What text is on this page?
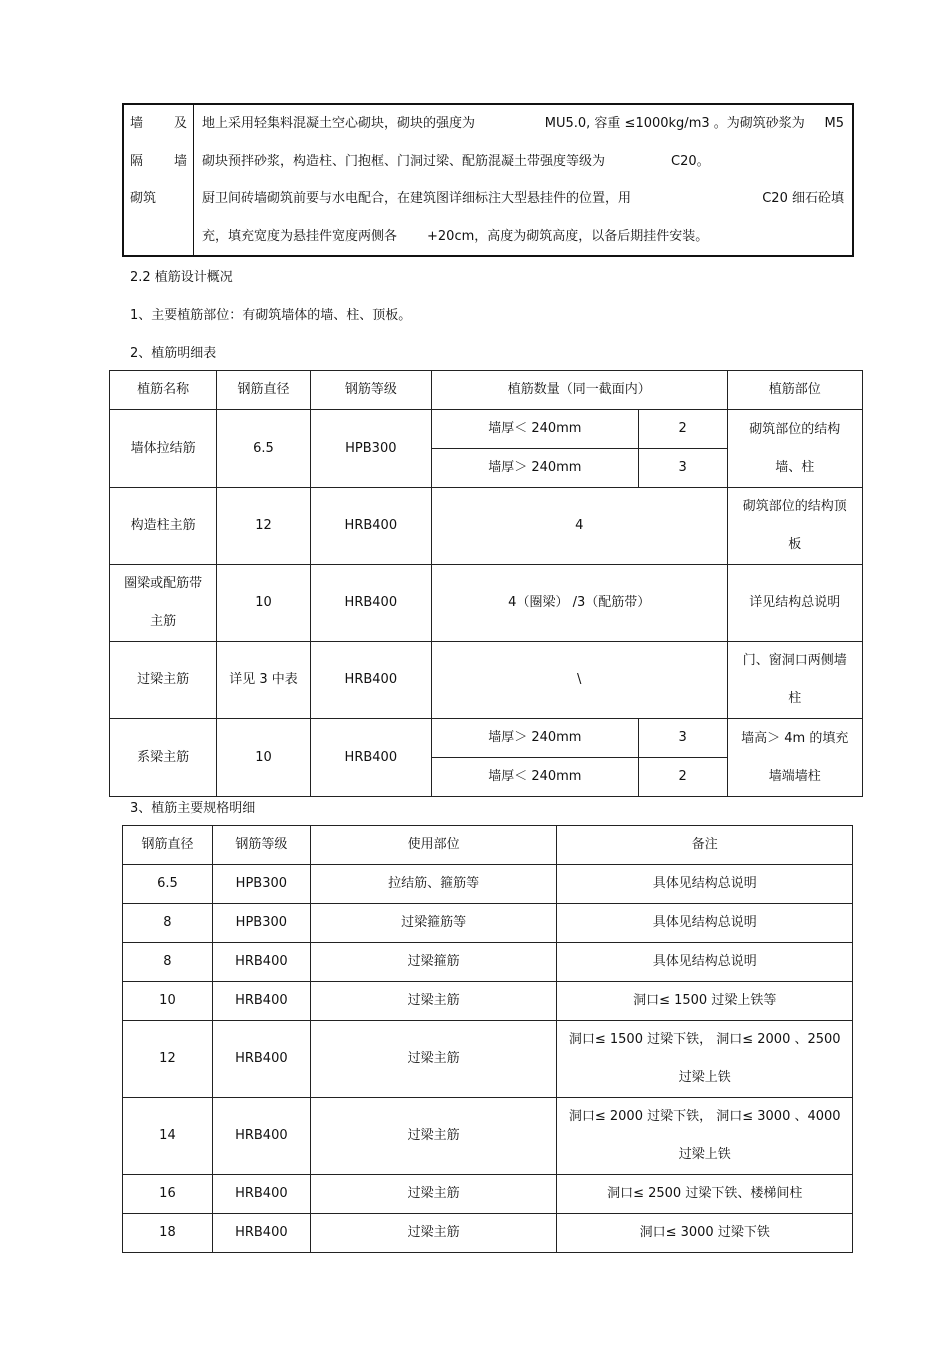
墙 及
隔 墙
砌筑

地上采用轻集料混凝土空心砌块，砌块的强度为	MU5.0, 容重 ≤1000kg/m3 。为砌筑砂浆为 M5
砌块预拌砂浆，构造柱、门抱框、门洞过梁、配筋混凝土带强度等级为	C20。
厨卫间砖墙砌筑前要与水电配合，在建筑图详细标注大型悬挂件的位置，用	C20 细石砼填
充，填充宽度为悬挂件宽度两侧各 +20cm，高度为砌筑高度，以备后期挂件安装。
2.2 植筋设计概况
1、主要植筋部位：有砌筑墙体的墙、柱、顶板。
2、植筋明细表
植筋名称	钢筋直径	钢筋等级	植筋数量（同一截面内）		植筋部位
墙体拉结筋	6.5	HPB300	墙厚＜ 240mm	2	砌筑部位的结构
墙、柱

			墙厚＞ 240mm	3	
构造柱主筋	12	HRB400	4		砌筑部位的结构顶
板

圈梁或配筋带
主筋	10	HRB400	4（圈梁） /3（配筋带）		详见结构总说明
过梁主筋	详见 3 中表	HRB400	\		门、窗洞口两侧墙
柱

系梁主筋	10	HRB400	墙厚＞ 240mm	3	墙高＞ 4m 的填充
墙端墙柱

			墙厚＜ 240mm	2	
3、植筋主要规格明细
钢筋直径	钢筋等级	使用部位	备注
6.5	HPB300	拉结筋、箍筋等	具体见结构总说明
8	HPB300	过梁箍筋等	具体见结构总说明
8	HRB400	过梁箍筋	具体见结构总说明
10	HRB400	过梁主筋	洞口≤ 1500 过梁上铁等
12	HRB400	过梁主筋	洞口≤ 1500 过梁下铁， 洞口≤ 2000 、2500
过梁上铁

14	HRB400	过梁主筋	洞口≤ 2000 过梁下铁， 洞口≤ 3000 、4000
过梁上铁

16	HRB400	过梁主筋	洞口≤ 2500 过梁下铁、楼梯间柱
18	HRB400	过梁主筋	洞口≤ 3000 过梁下铁
